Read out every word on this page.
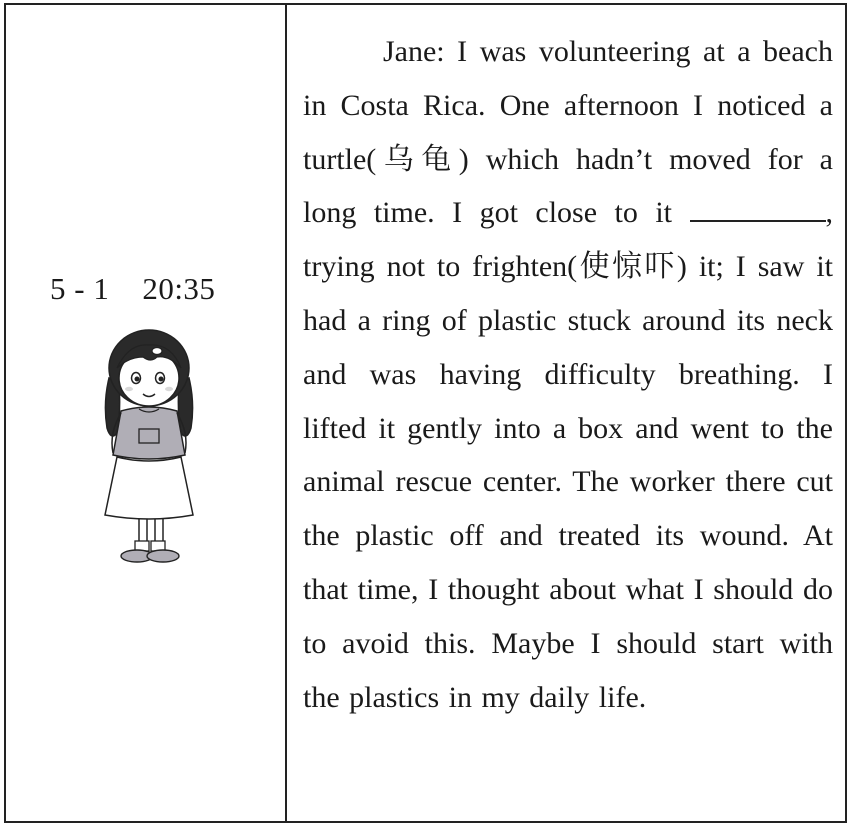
5 - 1    20:35

Jane: I was volunteering at a beach in Costa Rica. One afternoon I noticed a turtle(乌龟) which hadn’t moved for a long time. I got close to it	, trying not to frighten(使惊吓) it; I saw it had a ring of plastic stuck around its neck and was having difficulty breathing. I lifted it gently into a box and went to the animal rescue center. The worker there cut the plastic off and treated its wound. At that time, I thought about what I should do to avoid this. Maybe I should start with the plastics in my daily life.
